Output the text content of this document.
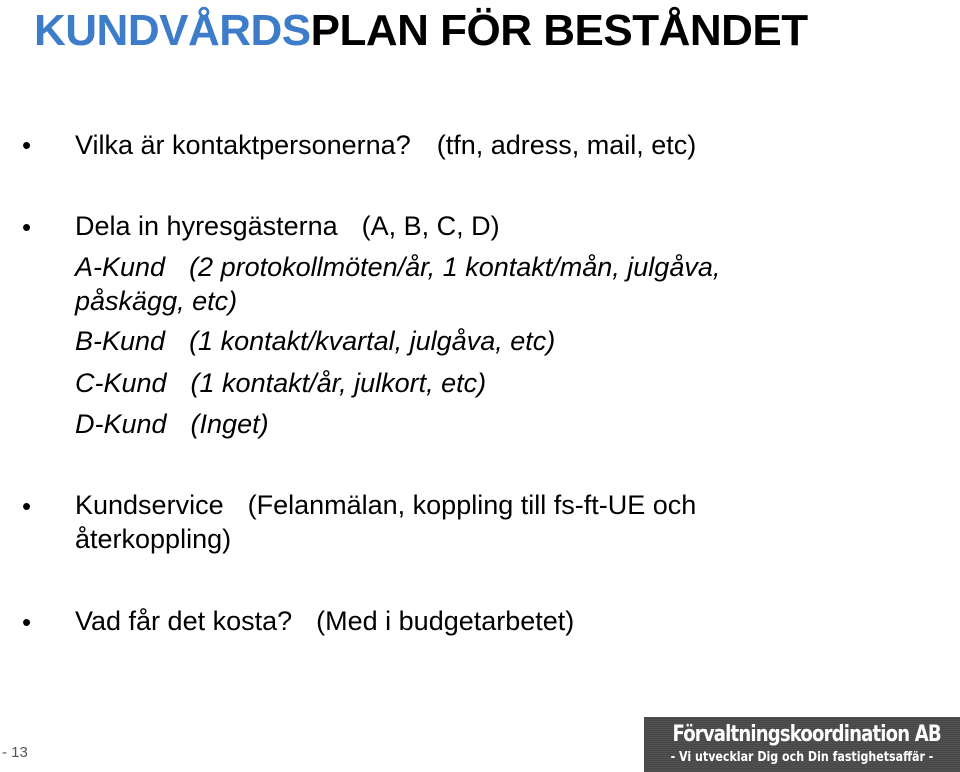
KUNDVÅRDSPLAN FÖR BESTÅNDET
• Vilka är kontaktpersonerna? (tfn, adress, mail, etc)
• Dela in hyresgästerna (A, B, C, D)
A-Kund (2 protokollmöten/år, 1 kontakt/mån, julgåva,
påskägg, etc)
B-Kund (1 kontakt/kvartal, julgåva, etc)
C-Kund (1 kontakt/år, julkort, etc)
D-Kund (Inget)
• Kundservice (Felanmälan, koppling till fs-ft-UE och
återkoppling)
• Vad får det kosta? (Med i budgetarbetet)
- 13
Förvaltningskoordination AB
- Vi utvecklar Dig och Din fastighetsaffär -
